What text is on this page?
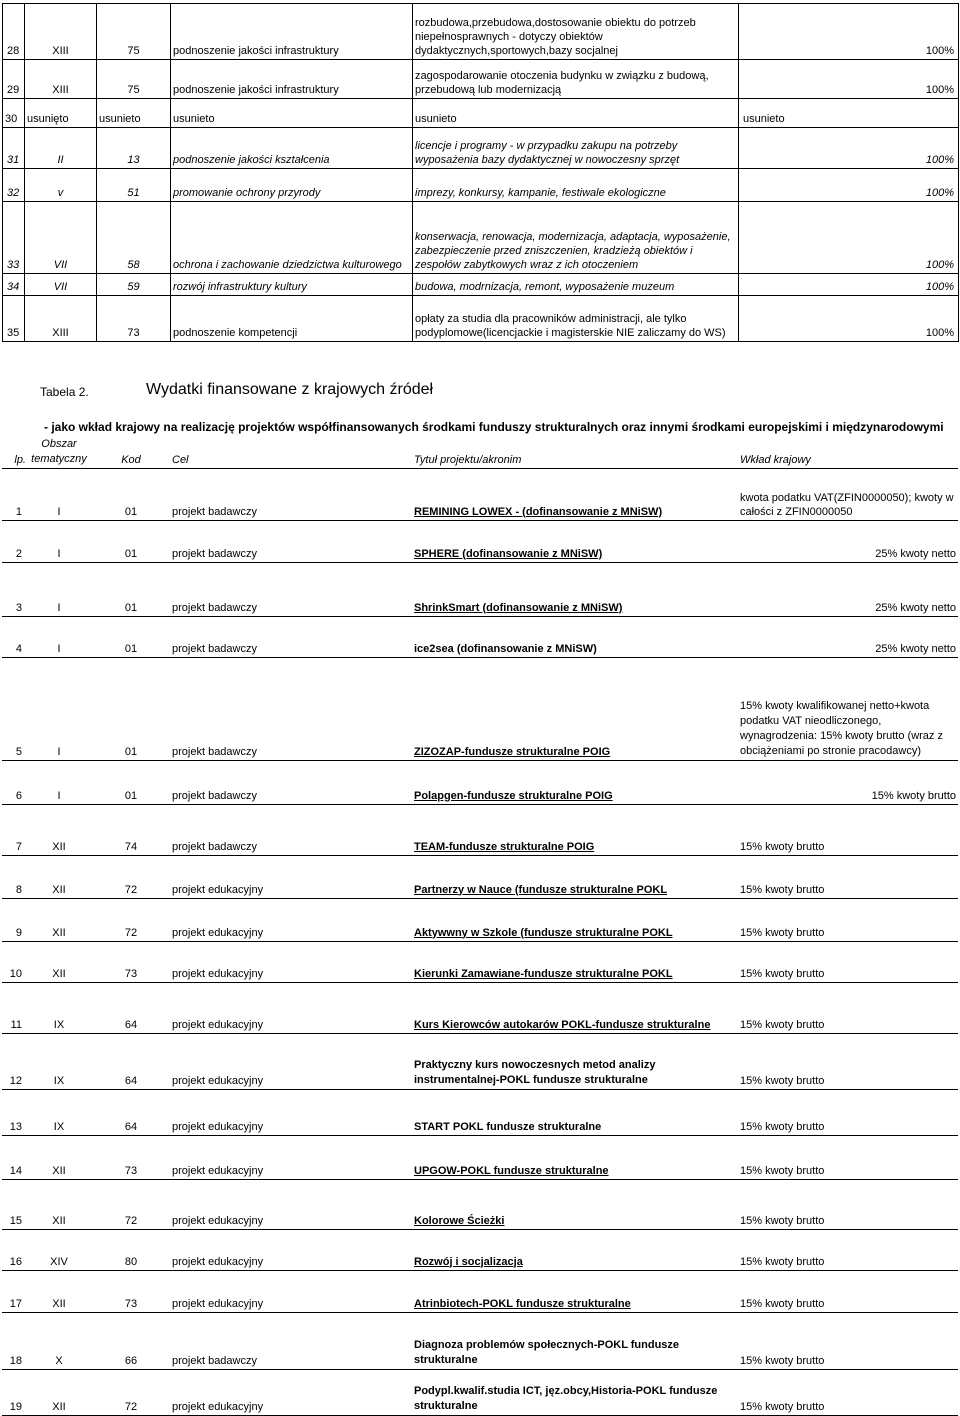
28	XIII	75	podnoszenie jakości infrastruktury	rozbudowa,przebudowa,dostosowanie obiektu do potrzeb niepełnosprawnych - dotyczy obiektów dydaktycznych,sportowych,bazy socjalnej	100%
29	XIII	75	podnoszenie jakości infrastruktury	zagospodarowanie otoczenia budynku w związku z budową, przebudową lub modernizacją	100%
30	usunięto	usunieto	usunieto	usunieto	usunieto
31	II	13	podnoszenie jakości kształcenia	licencje i programy - w przypadku zakupu na potrzeby wyposażenia bazy dydaktycznej w nowoczesny sprzęt	100%
32	v	51	promowanie ochrony przyrody	imprezy, konkursy, kampanie, festiwale ekologiczne	100%
33	VII	58	ochrona i zachowanie dziedzictwa kulturowego	konserwacja, renowacja, modernizacja, adaptacja, wyposażenie, zabezpieczenie przed zniszczenien, kradzieżą obiektów i zespołów zabytkowych wraz z ich otoczeniem	100%
34	VII	59	rozwój infrastruktury kultury	budowa, modrnizacja, remont, wyposażenie muzeum	100%
35	XIII	73	podnoszenie kompetencji	opłaty za studia dla pracowników administracji, ale tylko podyplomowe(licencjackie i magisterskie NIE zaliczamy do WS)	100%
Tabela 2.	Wydatki finansowane z krajowych źródeł
- jako wkład krajowy na realizację projektów współfinansowanych środkami funduszy strukturalnych oraz innymi środkami europejskimi i międzynarodowymi
lp.	Obszar tematyczny	Kod	Cel	Tytuł projektu/akronim	Wkład krajowy
1	I	01	projekt badawczy	REMINING LOWEX - (dofinansowanie z MNiSW)	kwota podatku VAT(ZFIN0000050); kwoty w całości z ZFIN0000050
2	I	01	projekt badawczy	SPHERE (dofinansowanie z MNiSW)	25% kwoty netto
3	I	01	projekt badawczy	ShrinkSmart (dofinansowanie z MNiSW)	25% kwoty netto
4	I	01	projekt badawczy	ice2sea (dofinansowanie z MNiSW)	25% kwoty netto
5	I	01	projekt badawczy	ZIZOZAP-fundusze strukturalne POIG	15% kwoty kwalifikowanej netto+kwota podatku VAT nieodliczonego, wynagrodzenia: 15% kwoty brutto (wraz z obciążeniami po stronie pracodawcy)
6	I	01	projekt badawczy	Polapgen-fundusze strukturalne POIG	15% kwoty brutto
7	XII	74	projekt badawczy	TEAM-fundusze strukturalne POIG	15% kwoty brutto
8	XII	72	projekt edukacyjny	Partnerzy w Nauce (fundusze strukturalne POKL	15% kwoty brutto
9	XII	72	projekt edukacyjny	Aktywwny w Szkole (fundusze strukturalne POKL	15% kwoty brutto
10	XII	73	projekt edukacyjny	Kierunki Zamawiane-fundusze strukturalne POKL	15% kwoty brutto
11	IX	64	projekt edukacyjny	Kurs Kierowców autokarów POKL-fundusze strukturalne	15% kwoty brutto
12	IX	64	projekt edukacyjny	Praktyczny kurs nowoczesnych metod analizy instrumentalnej-POKL fundusze strukturalne	15% kwoty brutto
13	IX	64	projekt edukacyjny	START POKL fundusze strukturalne	15% kwoty brutto
14	XII	73	projekt edukacyjny	UPGOW-POKL fundusze strukturalne	15% kwoty brutto
15	XII	72	projekt edukacyjny	Kolorowe Ścieżki	15% kwoty brutto
16	XIV	80	projekt edukacyjny	Rozwój i socjalizacja	15% kwoty brutto
17	XII	73	projekt edukacyjny	Atrinbiotech-POKL fundusze strukturalne	15% kwoty brutto
18	X	66	projekt badawczy	Diagnoza problemów społecznych-POKL fundusze strukturalne	15% kwoty brutto
19	XII	72	projekt edukacyjny	Podypl.kwalif.studia ICT, jęz.obcy,Historia-POKL fundusze strukturalne	15% kwoty brutto
